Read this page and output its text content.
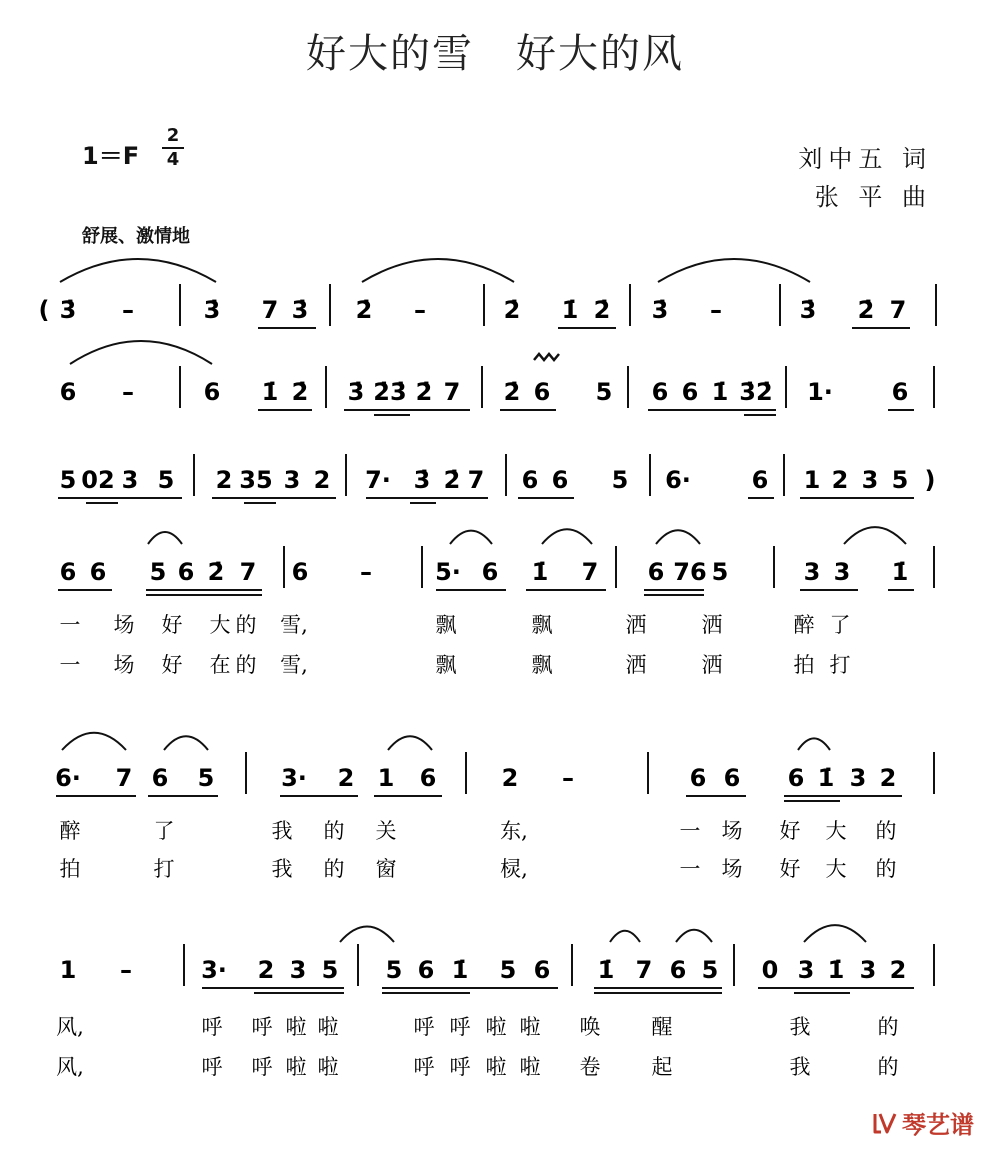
好大的雪　好大的风
1＝F
2
4	刘中五 词
张 平 曲
舒展、激情地
( 3̇ –	3̇ 7 3̇ 2̇ –	2̇ 1̇ 2̇ 3̇ –	3̇ 2̇ 7
6 –	6 1̇ 2̇ 3̇ 2̇3̇ 2̇ 7 2̇ 6 5 6 6 1̇ 3̇2̇ 1· 6
5 02 3 5 2 35 3 2 7· 3̇ 2̇ 7 6 6 5 6·	6 1 2 3 5 )
6 6 5 6 2̇ 7 6 –	5· 6 1̇ 7 6 76 5	3 3 1̇
一 场 好 大 的 雪,	飘	飘	洒	洒	醉 了
一 场 好 在 的 雪,	飘	飘	洒	洒	拍 打
6· 7 6 5	3· 2 1 6	2 –	6 6 6 1̇ 3 2
醉	了	我 的 关	东,	一 场 好 大 的
拍	打	我 的 窗	棂,	一 场 好 大 的
1 –	3· 2 3 5 5 6 1̇ 5 6 1̇ 7 6 5 0 3 1̇ 3 2
风,	呼 呼 啦 啦	呼 呼 啦 啦 唤 醒	我	的
风,	呼 呼 啦 啦	呼 呼 啦 啦 卷 起	我	的
琴艺谱
